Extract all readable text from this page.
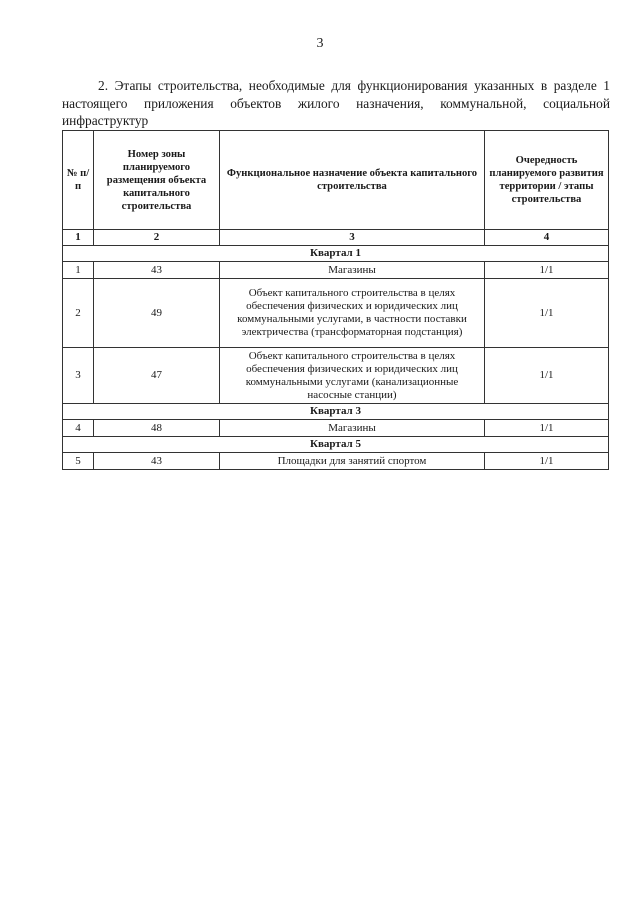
3

2. Этапы строительства, необходимые для функционирования указанных в разделе 1 настоящего приложения объектов жилого назначения, коммунальной, социальной инфраструктур

№ п/п	Номер зоны планируемого размещения объекта капитального строительства	Функциональное назначение объекта капитального строительства	Очередность планируемого развития территории / этапы строительства
1	2	3	4
Квартал 1			
1	43	Магазины	1/1
2	49	Объект капитального строительства в целях обеспечения физических и юридических лиц коммунальными услугами, в частности поставки электричества (трансформаторная подстанция)	1/1
3	47	Объект капитального строительства в целях обеспечения физических и юридических лиц коммунальными услугами (канализационные насосные станции)	1/1
Квартал 3			
4	48	Магазины	1/1
Квартал 5			
5	43	Площадки для занятий спортом	1/1
